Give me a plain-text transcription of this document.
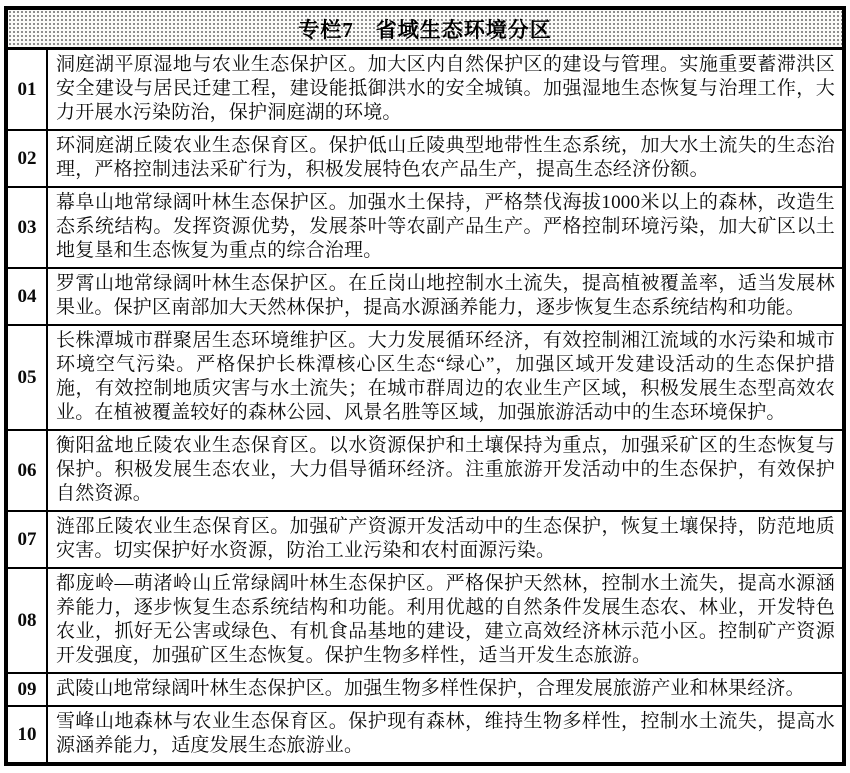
专栏7　省域生态环境分区
01
洞庭湖平原湿地与农业生态保护区。加大区内自然保护区的建设与管理。实施重要蓄滞洪区安全建设与居民迁建工程，建设能抵御洪水的安全城镇。加强湿地生态恢复与治理工作，大力开展水污染防治，保护洞庭湖的环境。
02
环洞庭湖丘陵农业生态保育区。保护低山丘陵典型地带性生态系统，加大水土流失的生态治理，严格控制违法采矿行为，积极发展特色农产品生产，提高生态经济份额。
03
幕阜山地常绿阔叶林生态保护区。加强水土保持，严格禁伐海拔1000米以上的森林，改造生态系统结构。发挥资源优势，发展茶叶等农副产品生产。严格控制环境污染，加大矿区以土地复垦和生态恢复为重点的综合治理。
04
罗霄山地常绿阔叶林生态保护区。在丘岗山地控制水土流失，提高植被覆盖率，适当发展林果业。保护区南部加大天然林保护，提高水源涵养能力，逐步恢复生态系统结构和功能。
05
长株潭城市群聚居生态环境维护区。大力发展循环经济，有效控制湘江流域的水污染和城市环境空气污染。严格保护长株潭核心区生态“绿心”，加强区域开发建设活动的生态保护措施，有效控制地质灾害与水土流失；在城市群周边的农业生产区域，积极发展生态型高效农业。在植被覆盖较好的森林公园、风景名胜等区域，加强旅游活动中的生态环境保护。
06
衡阳盆地丘陵农业生态保育区。以水资源保护和土壤保持为重点，加强采矿区的生态恢复与保护。积极发展生态农业，大力倡导循环经济。注重旅游开发活动中的生态保护，有效保护自然资源。
07
涟邵丘陵农业生态保育区。加强矿产资源开发活动中的生态保护，恢复土壤保持，防范地质灾害。切实保护好水资源，防治工业污染和农村面源污染。
08
都庞岭—萌渚岭山丘常绿阔叶林生态保护区。严格保护天然林，控制水土流失，提高水源涵养能力，逐步恢复生态系统结构和功能。利用优越的自然条件发展生态农、林业，开发特色农业，抓好无公害或绿色、有机食品基地的建设，建立高效经济林示范小区。控制矿产资源开发强度，加强矿区生态恢复。保护生物多样性，适当开发生态旅游。
09	武陵山地常绿阔叶林生态保护区。加强生物多样性保护，合理发展旅游产业和林果经济。
10
雪峰山地森林与农业生态保育区。保护现有森林，维持生物多样性，控制水土流失，提高水源涵养能力，适度发展生态旅游业。
